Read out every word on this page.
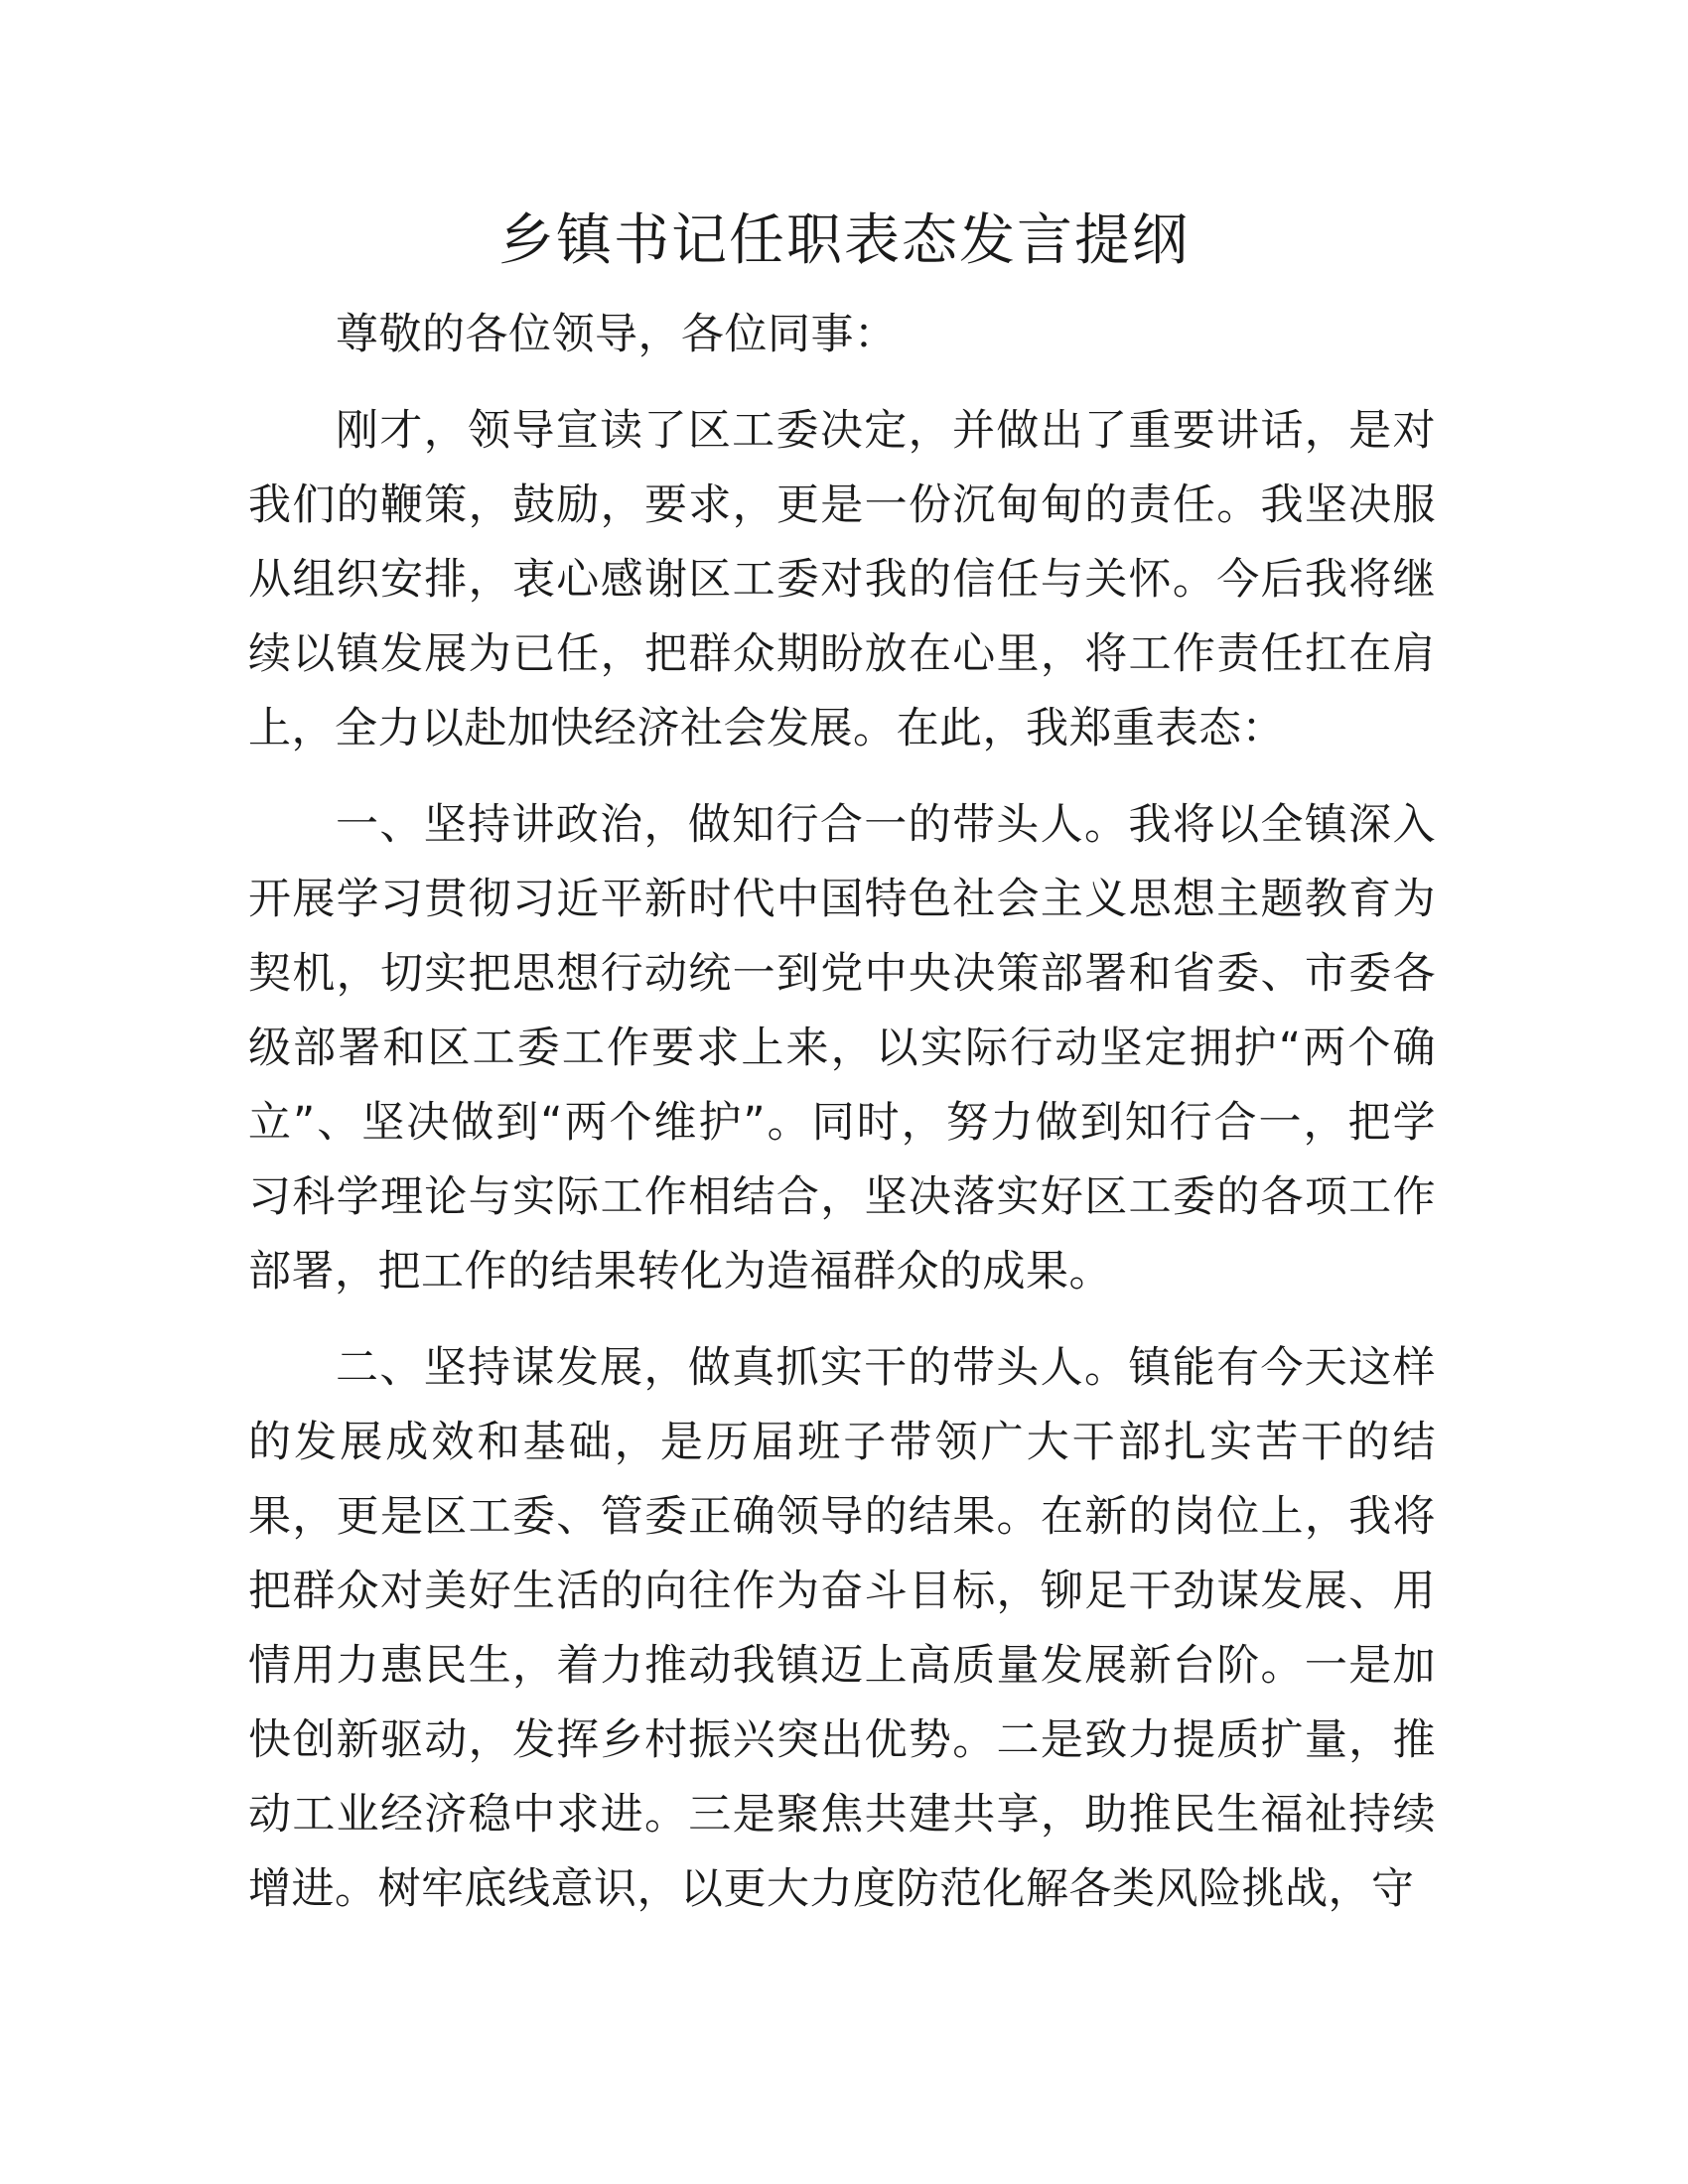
乡镇书记任职表态发言提纲

尊敬的各位领导，各位同事：

刚才，领导宣读了区工委决定，并做出了重要讲话，是对我们的鞭策，鼓励，要求，更是一份沉甸甸的责任。我坚决服从组织安排，衷心感谢区工委对我的信任与关怀。今后我将继续以镇发展为已任，把群众期盼放在心里，将工作责任扛在肩上，全力以赴加快经济社会发展。在此，我郑重表态：

一、坚持讲政治，做知行合一的带头人。我将以全镇深入开展学习贯彻习近平新时代中国特色社会主义思想主题教育为契机，切实把思想行动统一到党中央决策部署和省委、市委各级部署和区工委工作要求上来，以实际行动坚定拥护“两个确立”、坚决做到“两个维护”。同时，努力做到知行合一，把学习科学理论与实际工作相结合，坚决落实好区工委的各项工作部署，把工作的结果转化为造福群众的成果。

二、坚持谋发展，做真抓实干的带头人。镇能有今天这样的发展成效和基础，是历届班子带领广大干部扎实苦干的结果，更是区工委、管委正确领导的结果。在新的岗位上，我将把群众对美好生活的向往作为奋斗目标，铆足干劲谋发展、用情用力惠民生，着力推动我镇迈上高质量发展新台阶。一是加快创新驱动，发挥乡村振兴突出优势。二是致力提质扩量，推动工业经济稳中求进。三是聚焦共建共享，助推民生福祉持续增进。树牢底线意识，以更大力度防范化解各类风险挑战，守
